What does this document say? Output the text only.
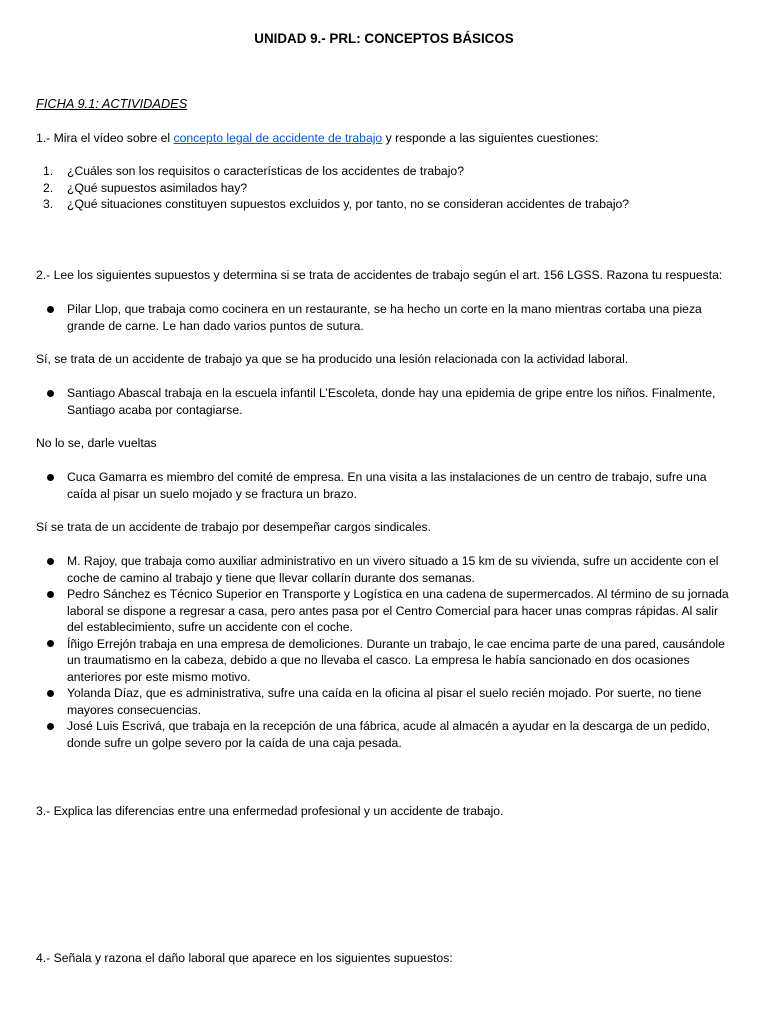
UNIDAD 9.- PRL: CONCEPTOS BÁSICOS

FICHA 9.1: ACTIVIDADES

1.- Mira el vídeo sobre el concepto legal de accidente de trabajo y responde a las siguientes cuestiones:

1. ¿Cuáles son los requisitos o características de los accidentes de trabajo?
2. ¿Qué supuestos asimilados hay?
3. ¿Qué situaciones constituyen supuestos excluidos y, por tanto, no se consideran accidentes de trabajo?

2.- Lee los siguientes supuestos y determina si se trata de accidentes de trabajo según el art. 156 LGSS. Razona tu respuesta:

Pilar Llop, que trabaja como cocinera en un restaurante, se ha hecho un corte en la mano mientras cortaba una pieza grande de carne. Le han dado varios puntos de sutura.

Sí, se trata de un accidente de trabajo ya que se ha producido una lesión relacionada con la actividad laboral.

Santiago Abascal trabaja en la escuela infantil L’Escoleta, donde hay una epidemia de gripe entre los niños. Finalmente, Santiago acaba por contagiarse.

No lo se, darle vueltas

Cuca Gamarra es miembro del comité de empresa. En una visita a las instalaciones de un centro de trabajo, sufre una caída al pisar un suelo mojado y se fractura un brazo.

Sí se trata de un accidente de trabajo por desempeñar cargos sindicales.

M. Rajoy, que trabaja como auxiliar administrativo en un vivero situado a 15 km de su vivienda, sufre un accidente con el coche de camino al trabajo y tiene que llevar collarín durante dos semanas.
Pedro Sánchez es Técnico Superior en Transporte y Logística en una cadena de supermercados. Al término de su jornada laboral se dispone a regresar a casa, pero antes pasa por el Centro Comercial para hacer unas compras rápidas. Al salir del establecimiento, sufre un accidente con el coche.
Íñigo Errejón trabaja en una empresa de demoliciones. Durante un trabajo, le cae encima parte de una pared, causándole un traumatismo en la cabeza, debido a que no llevaba el casco. La empresa le había sancionado en dos ocasiones anteriores por este mismo motivo.
Yolanda Díaz, que es administrativa, sufre una caída en la oficina al pisar el suelo recién mojado. Por suerte, no tiene mayores consecuencias.
José Luis Escrivá, que trabaja en la recepción de una fábrica, acude al almacén a ayudar en la descarga de un pedido, donde sufre un golpe severo por la caída de una caja pesada.

3.- Explica las diferencias entre una enfermedad profesional y un accidente de trabajo.

4.- Señala y razona el daño laboral que aparece en los siguientes supuestos:
